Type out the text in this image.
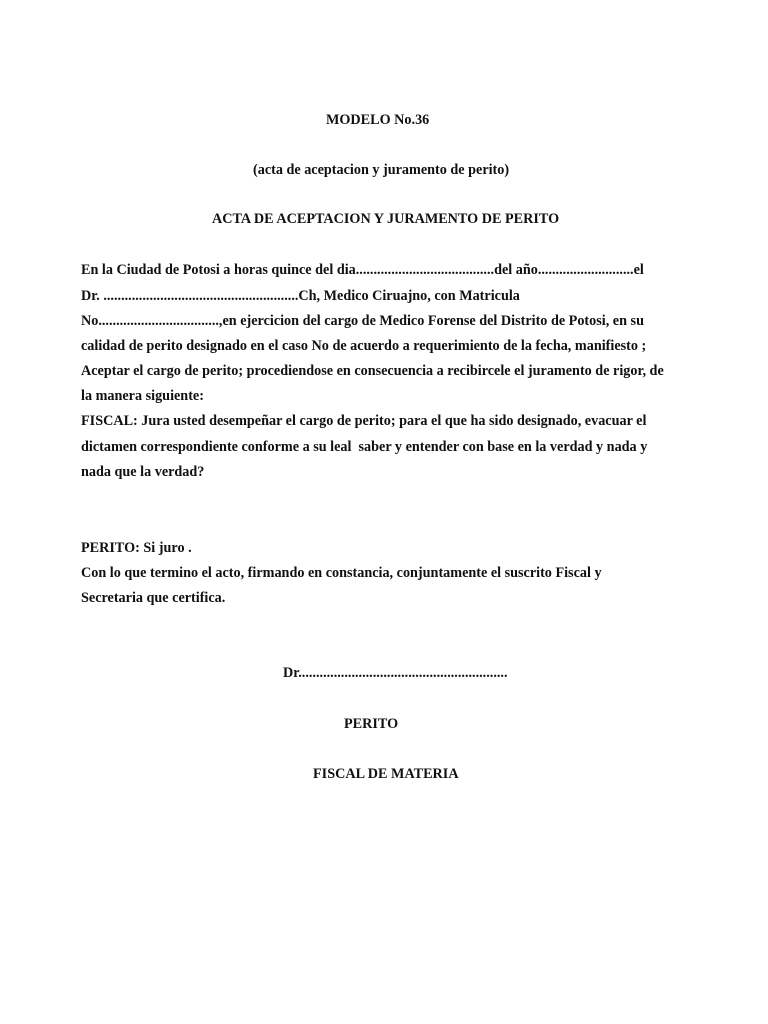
MODELO No.36
(acta de aceptacion y juramento de perito)
ACTA DE ACEPTACION Y JURAMENTO DE PERITO
En la Ciudad de Potosi a horas quince del dia.......................................del año...........................el
Dr. .......................................................Ch, Medico Ciruajno, con Matricula
No..................................,en ejercicion del cargo de Medico Forense del Distrito de Potosi, en su
calidad de perito designado en el caso No de acuerdo a requerimiento de la fecha, manifiesto ;
Aceptar el cargo de perito; procediendose en consecuencia a recibircele el juramento de rigor, de
la manera siguiente:
FISCAL: Jura usted desempeñar el cargo de perito; para el que ha sido designado, evacuar el
dictamen correspondiente conforme a su leal  saber y entender con base en la verdad y nada y
nada que la verdad?
PERITO: Si juro .
Con lo que termino el acto, firmando en constancia, conjuntamente el suscrito Fiscal y
Secretaria que certifica.
Dr...........................................................
PERITO
FISCAL DE MATERIA
